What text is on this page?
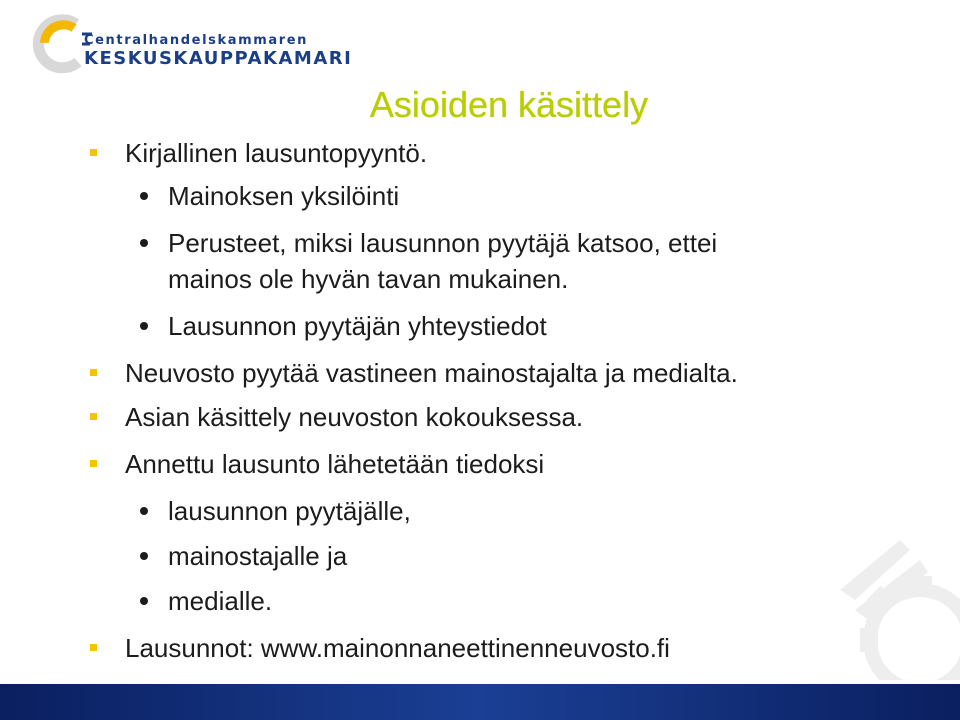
Centralhandelskammaren
KESKUSKAUPPAKAMARI
Asioiden käsittely
Kirjallinen lausuntopyyntö.
Mainoksen yksilöinti
Perusteet, miksi lausunnon pyytäjä katsoo, ettei
mainos ole hyvän tavan mukainen.
Lausunnon pyytäjän yhteystiedot
Neuvosto pyytää vastineen mainostajalta ja medialta.
Asian käsittely neuvoston kokouksessa.
Annettu lausunto lähetetään tiedoksi
lausunnon pyytäjälle,
mainostajalle ja
medialle.
Lausunnot: www.mainonnaneettinenneuvosto.fi
